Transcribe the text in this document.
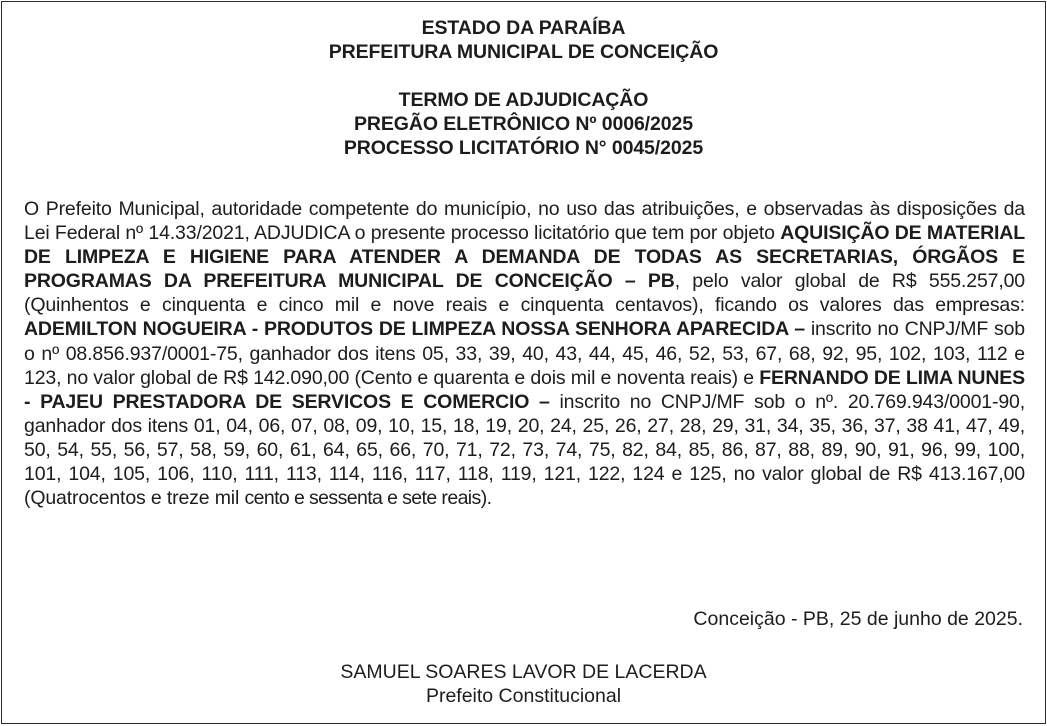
ESTADO DA PARAÍBA
PREFEITURA MUNICIPAL DE CONCEIÇÃO
TERMO DE ADJUDICAÇÃO
PREGÃO ELETRÔNICO Nº 0006/2025
PROCESSO LICITATÓRIO N° 0045/2025
O Prefeito Municipal, autoridade competente do município, no uso das atribuições, e observadas às disposições da Lei Federal nº 14.33/2021, ADJUDICA o presente processo licitatório que tem por objeto AQUISIÇÃO DE MATERIAL DE LIMPEZA E HIGIENE PARA ATENDER A DEMANDA DE TODAS AS SECRETARIAS, ÓRGÃOS E PROGRAMAS DA PREFEITURA MUNICIPAL DE CONCEIÇÃO – PB, pelo valor global de R$ 555.257,00 (Quinhentos e cinquenta e cinco mil e nove reais e cinquenta centavos), ficando os valores das empresas: ADEMILTON NOGUEIRA - PRODUTOS DE LIMPEZA NOSSA SENHORA APARECIDA – inscrito no CNPJ/MF sob o nº 08.856.937/0001-75, ganhador dos itens 05, 33, 39, 40, 43, 44, 45, 46, 52, 53, 67, 68, 92, 95, 102, 103, 112 e 123, no valor global de R$ 142.090,00 (Cento e quarenta e dois mil e noventa reais) e FERNANDO DE LIMA NUNES - PAJEU PRESTADORA DE SERVICOS E COMERCIO – inscrito no CNPJ/MF sob o nº. 20.769.943/0001-90, ganhador dos itens 01, 04, 06, 07, 08, 09, 10, 15, 18, 19, 20, 24, 25, 26, 27, 28, 29, 31, 34, 35, 36, 37, 38 41, 47, 49, 50, 54, 55, 56, 57, 58, 59, 60, 61, 64, 65, 66, 70, 71, 72, 73, 74, 75, 82, 84, 85, 86, 87, 88, 89, 90, 91, 96, 99, 100, 101, 104, 105, 106, 110, 111, 113, 114, 116, 117, 118, 119, 121, 122, 124 e 125, no valor global de R$ 413.167,00 (Quatrocentos e treze mil cento e sessenta e sete reais).
Conceição - PB, 25 de junho de 2025.
SAMUEL SOARES LAVOR DE LACERDA
Prefeito Constitucional
